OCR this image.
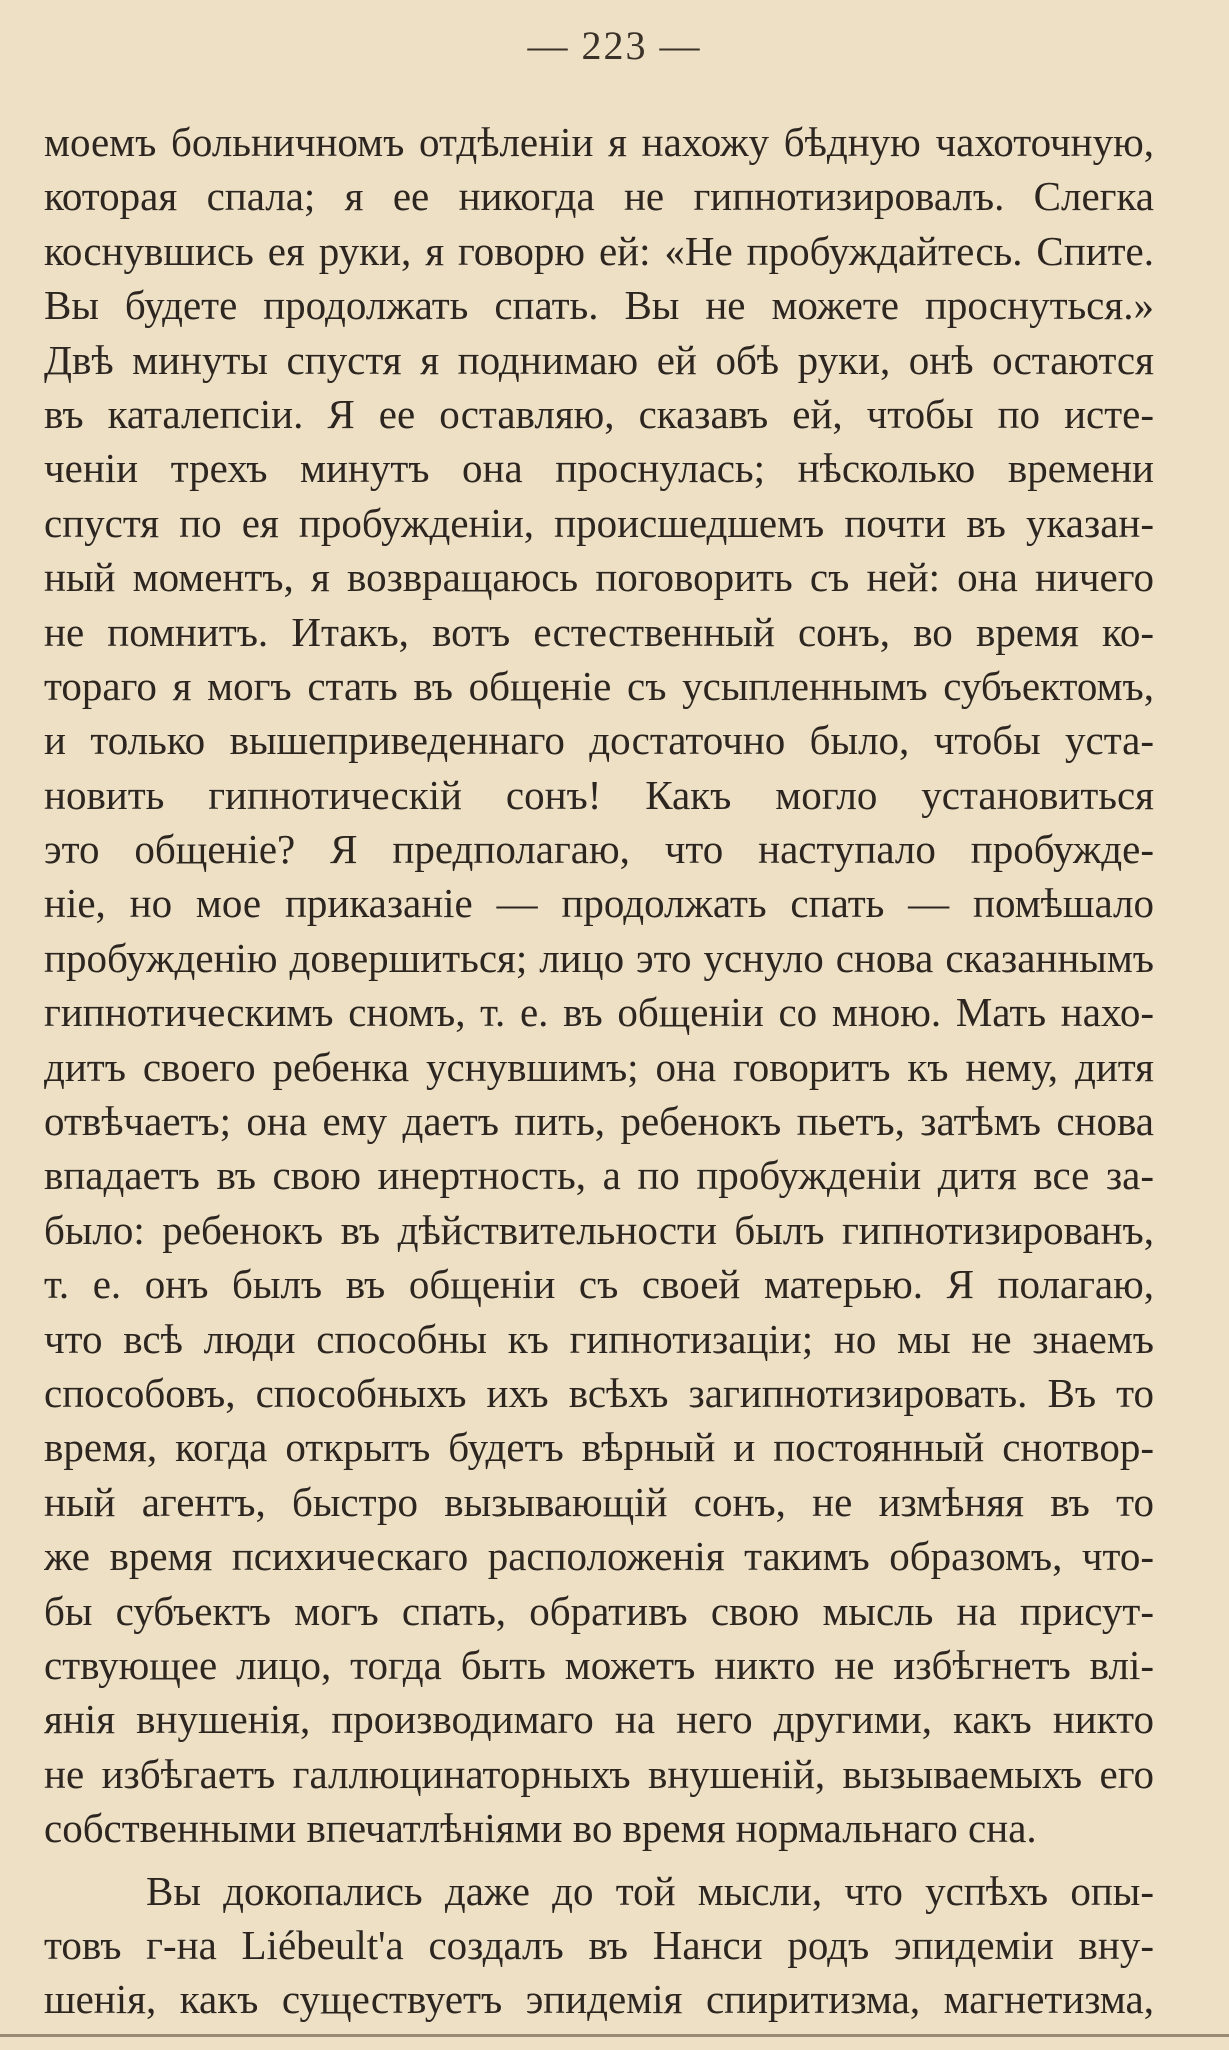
— 223 —
моемъ больничномъ отдѣленіи я нахожу бѣдную чахоточную,
которая спала; я ее никогда не гипнотизировалъ. Слегка
коснувшись ея руки, я говорю ей: «Не пробуждайтесь. Спите.
Вы будете продолжать спать. Вы не можете проснуться.»
Двѣ минуты спустя я поднимаю ей обѣ руки, онѣ остаются
въ каталепсіи. Я ее оставляю, сказавъ ей, чтобы по исте-
ченіи трехъ минутъ она проснулась; нѣсколько времени
спустя по ея пробужденіи, происшедшемъ почти въ указан-
ный моментъ, я возвращаюсь поговорить съ ней: она ничего
не помнитъ. Итакъ, вотъ естественный сонъ, во время ко-
тораго я могъ стать въ общеніе съ усыпленнымъ субъектомъ,
и только вышеприведеннаго достаточно было, чтобы уста-
новить гипнотическій сонъ! Какъ могло установиться
это общеніе? Я предполагаю, что наступало пробужде-
ніе, но мое приказаніе — продолжать спать — помѣшало
пробужденію довершиться; лицо это уснуло снова сказаннымъ
гипнотическимъ сномъ, т. е. въ общеніи со мною. Мать нахо-
дитъ своего ребенка уснувшимъ; она говоритъ къ нему, дитя
отвѣчаетъ; она ему даетъ пить, ребенокъ пьетъ, затѣмъ снова
впадаетъ въ свою инертность, а по пробужденіи дитя все за-
было: ребенокъ въ дѣйствительности былъ гипнотизированъ,
т. е. онъ былъ въ общеніи съ своей матерью. Я полагаю,
что всѣ люди способны къ гипнотизаціи; но мы не знаемъ
способовъ, способныхъ ихъ всѣхъ загипнотизировать. Въ то
время, когда открытъ будетъ вѣрный и постоянный снотвор-
ный агентъ, быстро вызывающій сонъ, не измѣняя въ то
же время психическаго расположенія такимъ образомъ, что-
бы субъектъ могъ спать, обративъ свою мысль на присут-
ствующее лицо, тогда быть можетъ никто не избѣгнетъ влі-
янія внушенія, производимаго на него другими, какъ никто
не избѣгаетъ галлюцинаторныхъ внушеній, вызываемыхъ его
собственными впечатлѣніями во время нормальнаго сна.
Вы докопались даже до той мысли, что успѣхъ опы-
товъ г-на Liébeult'а создалъ въ Нанси родъ эпидеміи вну-
шенія, какъ существуетъ эпидемія спиритизма, магнетизма,
